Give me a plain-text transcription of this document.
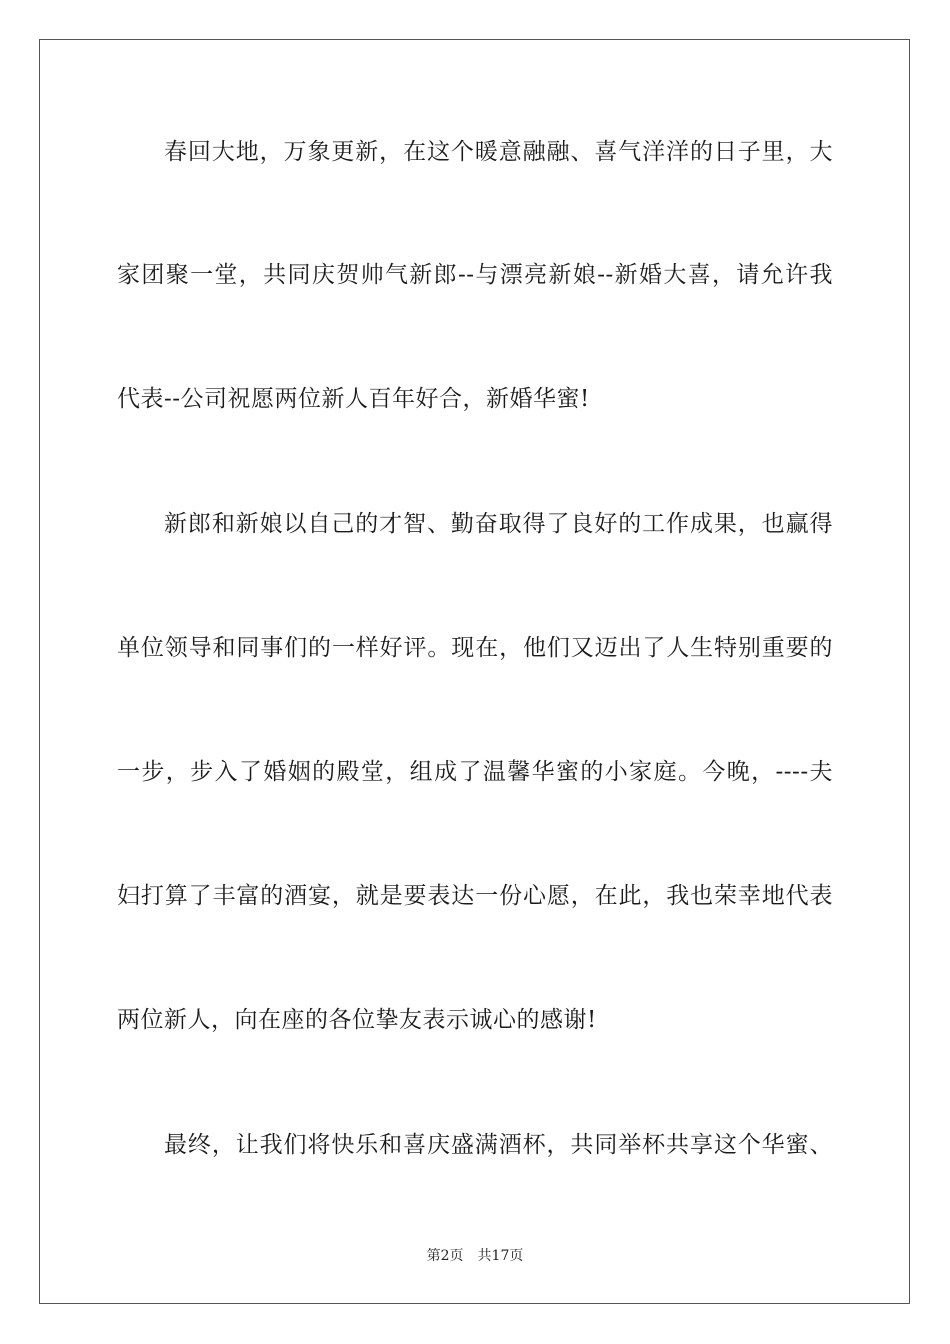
春回大地，万象更新，在这个暖意融融、喜气洋洋的日子里，大
家团聚一堂，共同庆贺帅气新郎--与漂亮新娘--新婚大喜，请允许我
代表--公司祝愿两位新人百年好合，新婚华蜜!
新郎和新娘以自己的才智、勤奋取得了良好的工作成果，也赢得
单位领导和同事们的一样好评。现在，他们又迈出了人生特别重要的
一步，步入了婚姻的殿堂，组成了温馨华蜜的小家庭。今晚，----夫
妇打算了丰富的酒宴，就是要表达一份心愿，在此，我也荣幸地代表
两位新人，向在座的各位挚友表示诚心的感谢!
最终，让我们将快乐和喜庆盛满酒杯，共同举杯共享这个华蜜、
第2页 共17页
